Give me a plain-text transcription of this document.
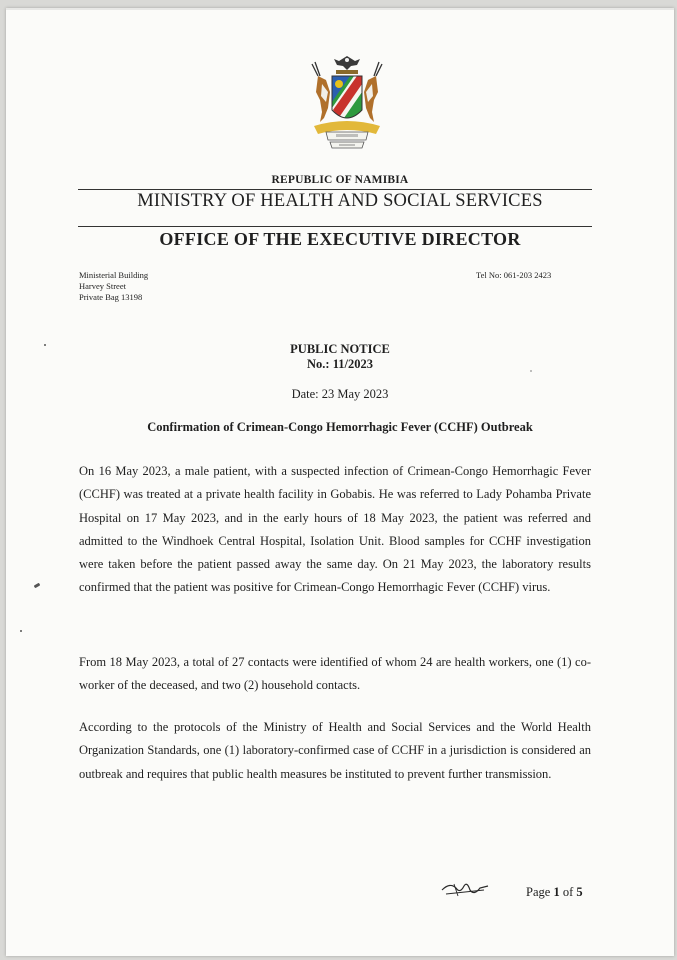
REPUBLIC OF NAMIBIA
MINISTRY OF HEALTH AND SOCIAL SERVICES
OFFICE OF THE EXECUTIVE DIRECTOR
Ministerial Building
Harvey Street
Private Bag 13198
Tel No: 061-203 2423
PUBLIC NOTICE
No.: 11/2023
Date: 23 May 2023
Confirmation of Crimean-Congo Hemorrhagic Fever (CCHF) Outbreak

On 16 May 2023, a male patient, with a suspected infection of Crimean-Congo Hemorrhagic Fever (CCHF) was treated at a private health facility in Gobabis. He was referred to Lady Pohamba Private Hospital on 17 May 2023, and in the early hours of 18 May 2023, the patient was referred and admitted to the Windhoek Central Hospital, Isolation Unit. Blood samples for CCHF investigation were taken before the patient passed away the same day. On 21 May 2023, the laboratory results confirmed that the patient was positive for Crimean-Congo Hemorrhagic Fever (CCHF) virus.

From 18 May 2023, a total of 27 contacts were identified of whom 24 are health workers, one (1) co-worker of the deceased, and two (2) household contacts.

According to the protocols of the Ministry of Health and Social Services and the World Health Organization Standards, one (1) laboratory-confirmed case of CCHF in a jurisdiction is considered an outbreak and requires that public health measures be instituted to prevent further transmission.

Page 1 of 5
